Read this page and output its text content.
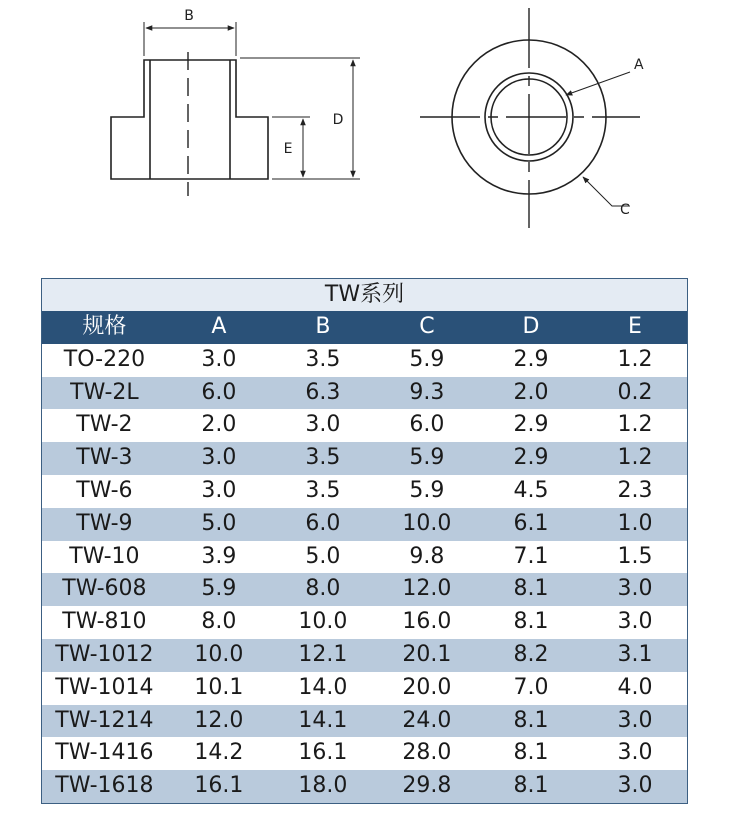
B
D
E
A
C
TW系列
规格	A	B	C	D	E
TO-220	3.0	3.5	5.9	2.9	1.2
TW-2L	6.0	6.3	9.3	2.0	0.2
TW-2	2.0	3.0	6.0	2.9	1.2
TW-3	3.0	3.5	5.9	2.9	1.2
TW-6	3.0	3.5	5.9	4.5	2.3
TW-9	5.0	6.0	10.0	6.1	1.0
TW-10	3.9	5.0	9.8	7.1	1.5
TW-608	5.9	8.0	12.0	8.1	3.0
TW-810	8.0	10.0	16.0	8.1	3.0
TW-1012	10.0	12.1	20.1	8.2	3.1
TW-1014	10.1	14.0	20.0	7.0	4.0
TW-1214	12.0	14.1	24.0	8.1	3.0
TW-1416	14.2	16.1	28.0	8.1	3.0
TW-1618	16.1	18.0	29.8	8.1	3.0
